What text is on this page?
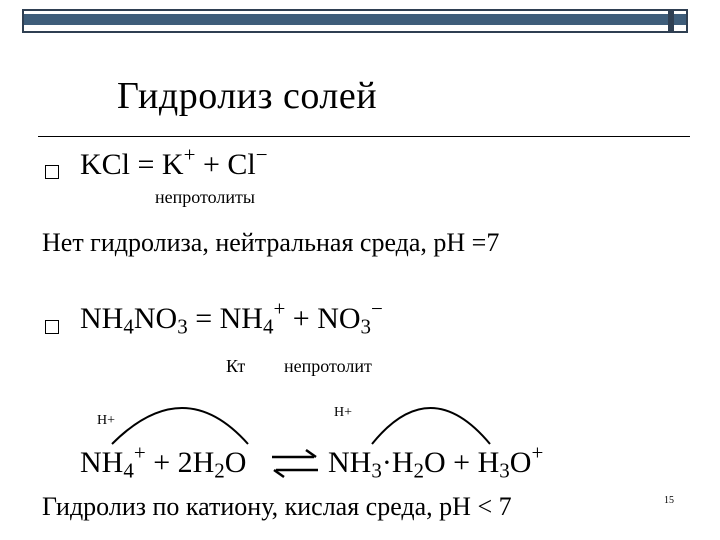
Гидролиз солей
KCl = K+ + Cl−
непротолиты
Нет гидролиза, нейтральная среда, pH =7
$NH_4NO_3 = NH_4^+ + NO_3^-$
Кт непротолит
H+
H+
$NH_4^+ + 2H_2O$ ⇌ $NH_3\cdot H_2O + H_3O^+$
Гидролиз по катиону, кислая среда, pH < 7	15
